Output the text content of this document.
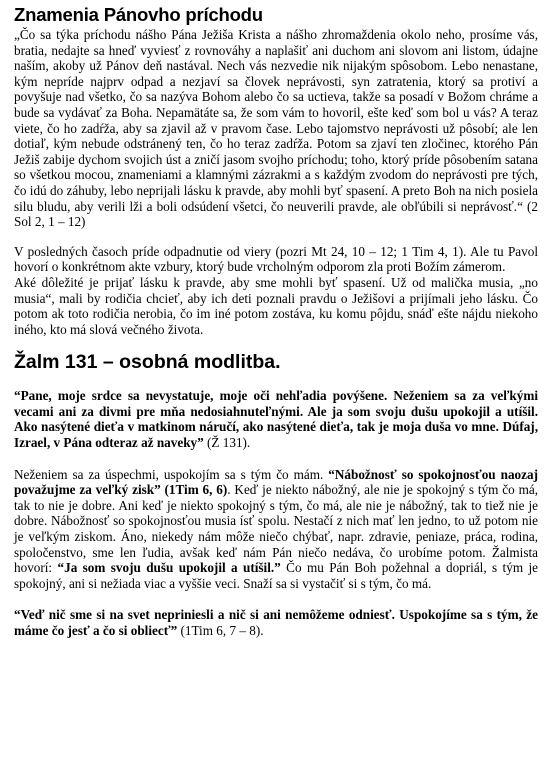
Znamenia Pánovho príchodu

„Čo sa týka príchodu nášho Pána Ježiša Krista a nášho zhromaždenia okolo neho, prosíme vás, bratia, nedajte sa hneď vyviesť z rovnováhy a naplašiť ani duchom ani slovom ani listom, údajne naším, akoby už Pánov deň nastával. Nech vás nezvedie nik nijakým spôsobom. Lebo nenastane, kým nepríde najprv odpad a nezjaví sa človek neprávosti, syn zatratenia, ktorý sa protiví a povyšuje nad všetko, čo sa nazýva Bohom alebo čo sa uctieva, takže sa posadí v Božom chráme a bude sa vydávať za Boha. Nepamätáte sa, že som vám to hovoril, ešte keď som bol u vás? A teraz viete, čo ho zadŕža, aby sa zjavil až v pravom čase. Lebo tajomstvo neprávosti už pôsobí; ale len dotiaľ, kým nebude odstránený ten, čo ho teraz zadŕža. Potom sa zjaví ten zločinec, ktorého Pán Ježiš zabije dychom svojich úst a zničí jasom svojho príchodu; toho, ktorý príde pôsobením satana so všetkou mocou, znameniami a klamnými zázrakmi a s každým zvodom do neprávosti pre tých, čo idú do záhuby, lebo neprijali lásku k pravde, aby mohli byť spasení. A preto Boh na nich posiela silu bludu, aby verili lži a boli odsúdení všetci, čo neuverili pravde, ale obľúbili si neprávosť.“ (2 Sol 2, 1 – 12)

V posledných časoch príde odpadnutie od viery (pozri Mt 24, 10 – 12; 1 Tim 4, 1). Ale tu Pavol hovorí o konkrétnom akte vzbury, ktorý bude vrcholným odporom zla proti Božím zámerom.

Aké dôležité je prijať lásku k pravde, aby sme mohli byť spasení. Už od malička musia, „no musia“, mali by rodičia chcieť, aby ich deti poznali pravdu o Ježišovi a prijímali jeho lásku. Čo potom ak toto rodičia nerobia, čo im iné potom zostáva, ku komu pôjdu, snáď ešte nájdu niekoho iného, kto má slová večného života.

Žalm 131 – osobná modlitba.

“Pane, moje srdce sa nevystatuje, moje oči nehľadia povýšene. Neženiem sa za veľkými vecami ani za divmi pre mňa nedosiahnuteľnými. Ale ja som svoju dušu upokojil a utíšil. Ako nasýtené dieťa v matkinom náručí, ako nasýtené dieťa, tak je moja duša vo mne. Dúfaj, Izrael, v Pána odteraz až naveky” (Ž 131).

Neženiem sa za úspechmi, uspokojím sa s tým čo mám. “Nábožnosť so spokojnosťou naozaj považujme za veľký zisk” (1Tim 6, 6). Keď je niekto nábožný, ale nie je spokojný s tým čo má, tak to nie je dobre. Ani keď je niekto spokojný s tým, čo má, ale nie je nábožný, tak to tiež nie je dobre. Nábožnosť so spokojnosťou musia ísť spolu. Nestačí z nich mať len jedno, to už potom nie je veľkým ziskom. Áno, niekedy nám môže niečo chýbať, napr. zdravie, peniaze, práca, rodina, spoločenstvo, sme len ľudia, avšak keď nám Pán niečo nedáva, čo urobíme potom. Žalmista hovorí: “Ja som svoju dušu upokojil a utíšil.” Čo mu Pán Boh požehnal a dopriál, s tým je spokojný, ani si nežiada viac a vyššie veci. Snaží sa si vystačiť si s tým, čo má.

“Veď nič sme si na svet nepriniesli a nič si ani nemôžeme odniesť. Uspokojíme sa s tým, že máme čo jesť a čo si obliecť” (1Tim 6, 7 – 8).
